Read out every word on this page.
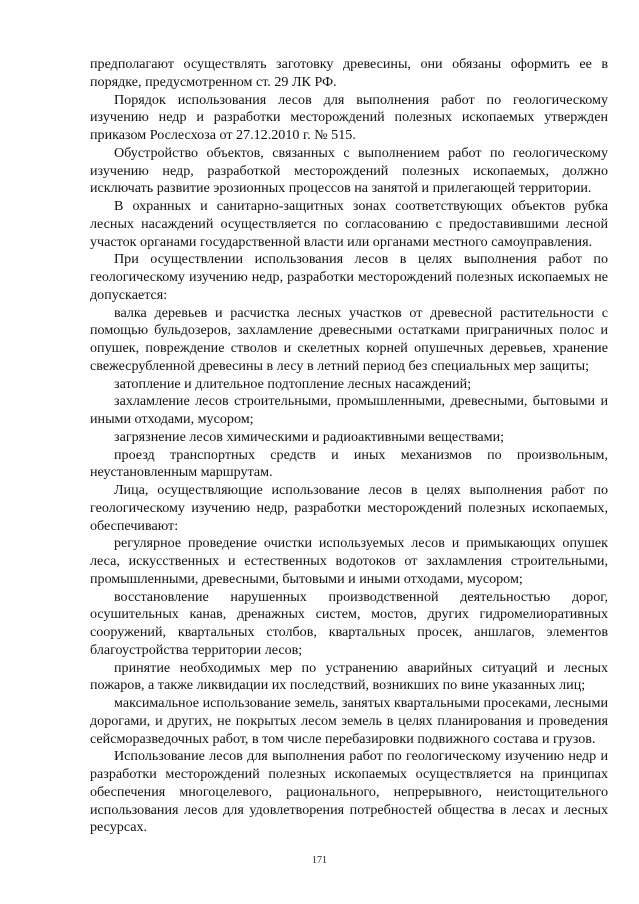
предполагают осуществлять заготовку древесины, они обязаны оформить ее в порядке, предусмотренном ст. 29 ЛК РФ.

Порядок использования лесов для выполнения работ по геологическому изучению недр и разработки месторождений полезных ископаемых утвержден приказом Рослесхоза от 27.12.2010 г. № 515.

Обустройство объектов, связанных с выполнением работ по геологическому изучению недр, разработкой месторождений полезных ископаемых, должно исключать развитие эрозионных процессов на занятой и прилегающей территории.

В охранных и санитарно-защитных зонах соответствующих объектов рубка лесных насаждений осуществляется по согласованию с предоставившими лесной участок органами государственной власти или органами местного самоуправления.

При осуществлении использования лесов в целях выполнения работ по геологическому изучению недр, разработки месторождений полезных ископаемых не допускается:

валка деревьев и расчистка лесных участков от древесной растительности с помощью бульдозеров, захламление древесными остатками приграничных полос и опушек, повреждение стволов и скелетных корней опушечных деревьев, хранение свежесрубленной древесины в лесу в летний период без специальных мер защиты;

затопление и длительное подтопление лесных насаждений;

захламление лесов строительными, промышленными, древесными, бытовыми и иными отходами, мусором;

загрязнение лесов химическими и радиоактивными веществами;

проезд транспортных средств и иных механизмов по произвольным, неустановленным маршрутам.

Лица, осуществляющие использование лесов в целях выполнения работ по геологическому изучению недр, разработки месторождений полезных ископаемых, обеспечивают:

регулярное проведение очистки используемых лесов и примыкающих опушек леса, искусственных и естественных водотоков от захламления строительными, промышленными, древесными, бытовыми и иными отходами, мусором;

восстановление нарушенных производственной деятельностью дорог, осушительных канав, дренажных систем, мостов, других гидромелиоративных сооружений, квартальных столбов, квартальных просек, аншлагов, элементов благоустройства территории лесов;

принятие необходимых мер по устранению аварийных ситуаций и лесных пожаров, а также ликвидации их последствий, возникших по вине указанных лиц;

максимальное использование земель, занятых квартальными просеками, лесными дорогами, и других, не покрытых лесом земель в целях планирования и проведения сейсморазведочных работ, в том числе перебазировки подвижного состава и грузов.

Использование лесов для выполнения работ по геологическому изучению недр и разработки месторождений полезных ископаемых осуществляется на принципах обеспечения многоцелевого, рационального, непрерывного, неистощительного использования лесов для удовлетворения потребностей общества в лесах и лесных ресурсах.

171
